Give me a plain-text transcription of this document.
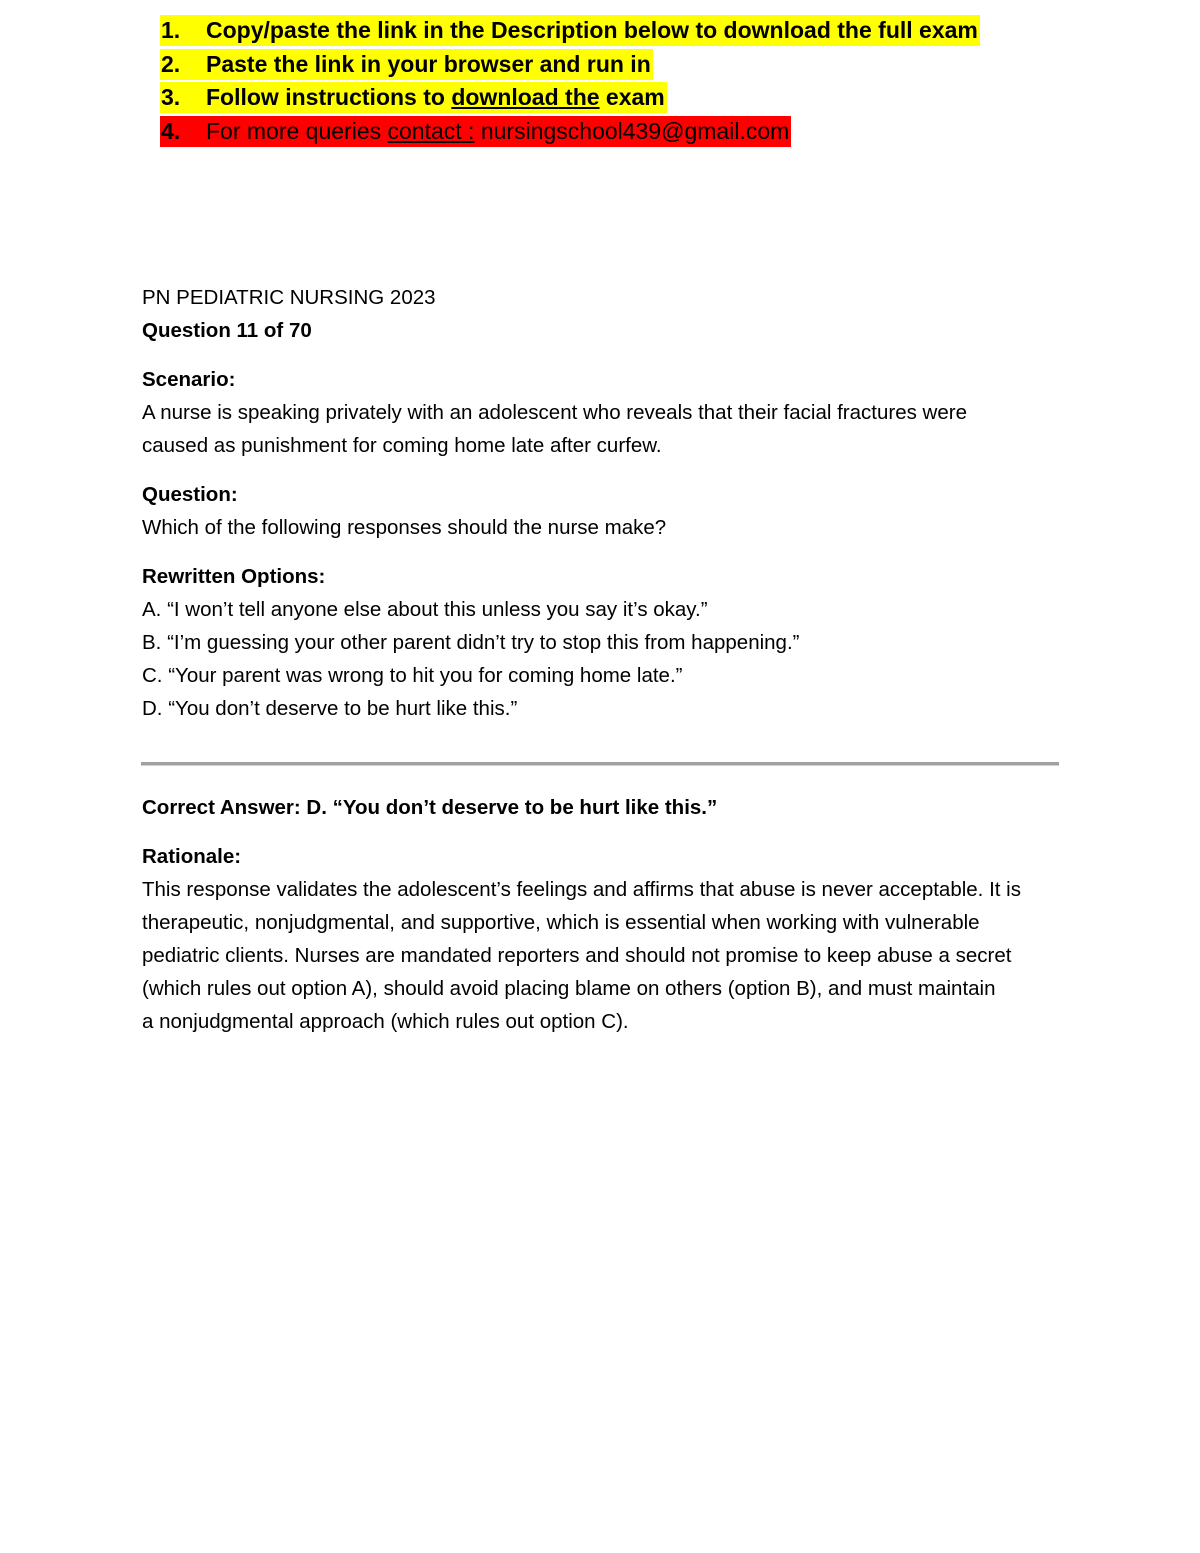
1.	Copy/paste the link in the Description below to download the full exam
2.	Paste the link in your browser and run in
3.	Follow instructions to download
the exam
4.	For more queries contact : nursingschool439@gmail.com
PN PEDIATRIC NURSING 2023
Question 11 of 70
Scenario:
A nurse is speaking privately with an adolescent who reveals that their facial fractures were
caused as punishment for coming home late after curfew.
Question:
Which of the following responses should the nurse make?
Rewritten Options:
A. “I won’t tell anyone else about this unless you say it’s okay.”
B. “I’m guessing your other parent didn’t try to stop this from happening.”
C. “Your parent was wrong to hit you for coming home late.”
D. “You don’t deserve to be hurt like this.”
Correct Answer: D. “You don’t deserve to be hurt like this.”
Rationale:
This response validates the adolescent’s feelings and affirms that abuse is never acceptable. It is
therapeutic, nonjudgmental, and supportive, which is essential when working with vulnerable
pediatric clients. Nurses are mandated reporters and should not promise to keep abuse a secret
(which rules out option A), should avoid placing blame on others (option B), and must maintain
a nonjudgmental approach (which rules out option C).
